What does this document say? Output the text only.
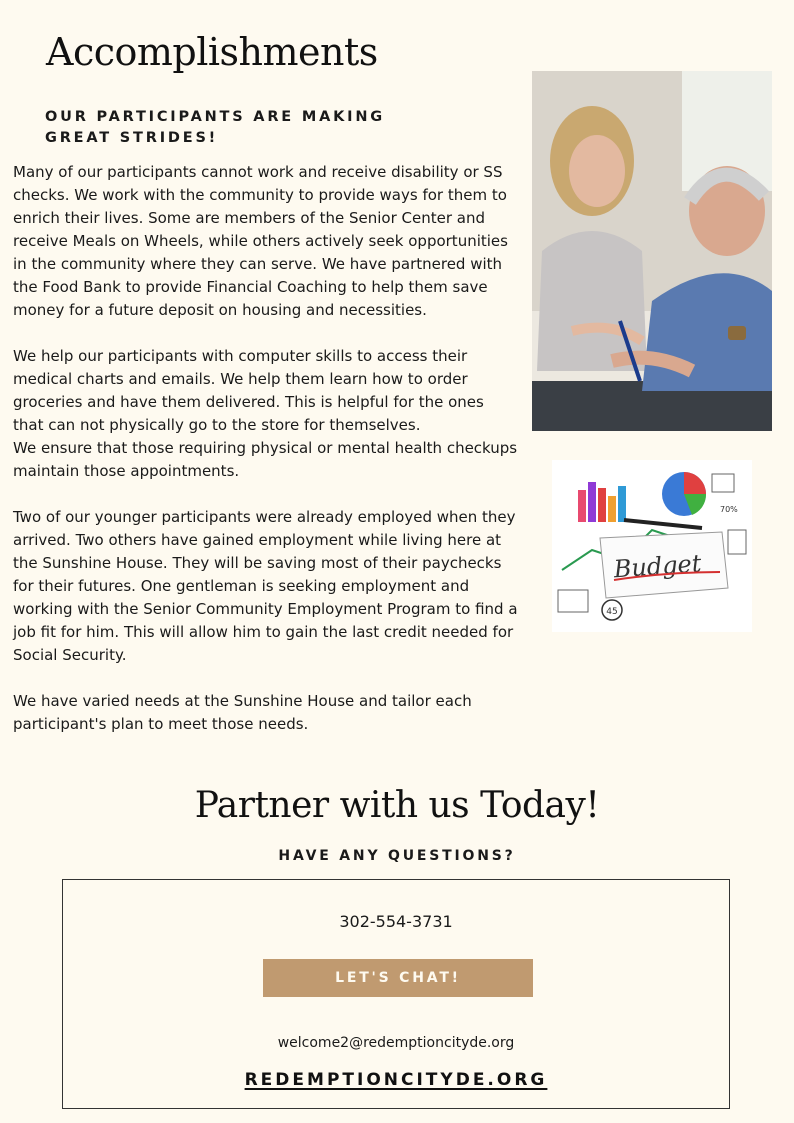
Accomplishments
OUR PARTICIPANTS ARE MAKING GREAT STRIDES!

Many of our participants cannot work and receive disability or SS checks. We work with the community to provide ways for them to enrich their lives. Some are members of the Senior Center and receive Meals on Wheels, while others actively seek opportunities in the community where they can serve. We have partnered with the Food Bank to provide Financial Coaching to help them save money for a future deposit on housing and necessities.

We help our participants with computer skills to access their medical charts and emails. We help them learn how to order groceries and have them delivered. This is helpful for the ones that can not physically go to the store for themselves.
We ensure that those requiring physical or mental health checkups maintain those appointments.

Two of our younger participants were already employed when they arrived. Two others have gained employment while living here at the Sunshine House. They will be saving most of their paychecks for their futures. One gentleman is seeking employment and working with the Senior Community Employment Program to find a job fit for him. This will allow him to gain the last credit needed for Social Security.

We have varied needs at the Sunshine House and tailor each participant's plan to meet those needs.

Budget
45
70%
Partner with us Today!
HAVE ANY QUESTIONS?
302-554-3731
LET'S CHAT!
welcome2@redemptioncityde.org
REDEMPTIONCITYDE.ORG
